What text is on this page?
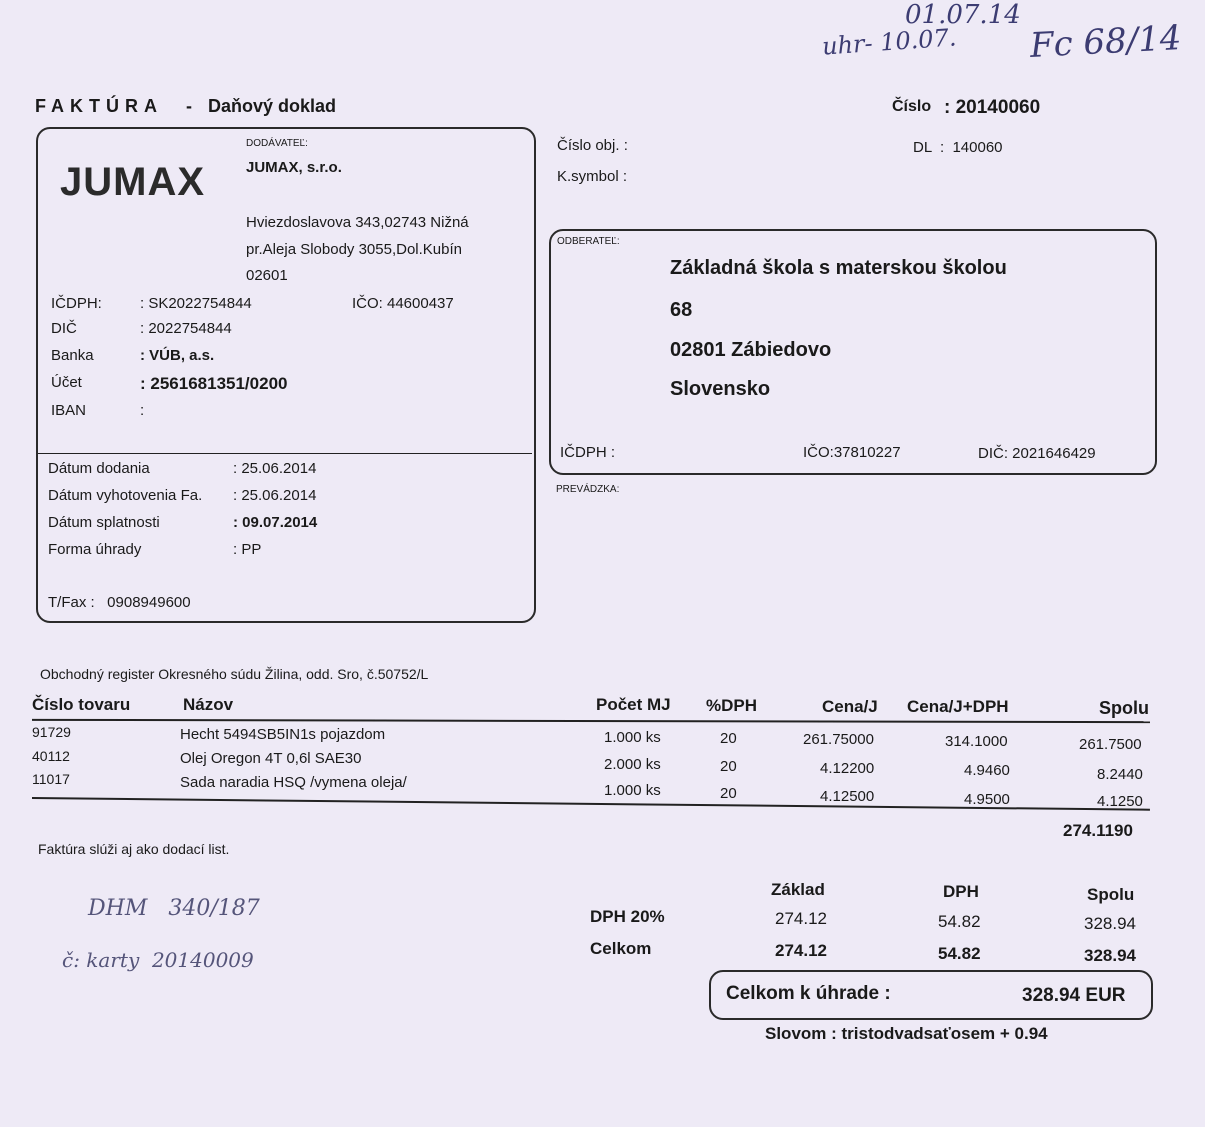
01.07.14
uhr- 10.07. Fc 68/14
FAKTÚRA - Daňový doklad	Číslo : 20140060
DODÁVATEĽ:
JUMAX	JUMAX, s.r.o.
Hviezdoslavova 343,02743 Nižná
pr.Aleja Slobody 3055,Dol.Kubín
02601
IČDPH:	: SK2022754844	IČO: 44600437
DIČ	: 2022754844
Banka	: VÚB, a.s.
Účet	: 2561681351/0200
IBAN	:
Dátum dodania	: 25.06.2014
Dátum vyhotovenia Fa. : 25.06.2014
Dátum splatnosti	: 09.07.2014
Forma úhrady	: PP
T/Fax :   0908949600
Číslo obj. :
K.symbol :
DL  :  140060
ODBERATEĽ:
Základná škola s materskou školou
68
02801 Zábiedovo
Slovensko
IČDPH :	IČO:37810227	DIČ: 2021646429
PREVÁDZKA:
Obchodný register Okresného súdu Žilina, odd. Sro, č.50752/L
Číslo tovaru	Názov	Počet MJ %DPH	Cena/J Cena/J+DPH	Spolu
91729	Hecht 5494SB5IN1s pojazdom	1.000 ks	20	261.75000	314.1000	261.7500
40112	Olej Oregon 4T 0,6l SAE30	2.000 ks	20	4.12200	4.9460	8.2440
11017	Sada naradia HSQ /vymena oleja/	1.000 ks	20	4.12500	4.9500	4.1250
274.1190
Faktúra slúži aj ako dodací list.
DHM   340/187
č: karty  20140009
Základ	DPH	Spolu
DPH 20%	274.12	54.82	328.94
Celkom	274.12	54.82	328.94
Celkom k úhrade :	328.94 EUR
Slovom : tristodvadsaťosem + 0.94
